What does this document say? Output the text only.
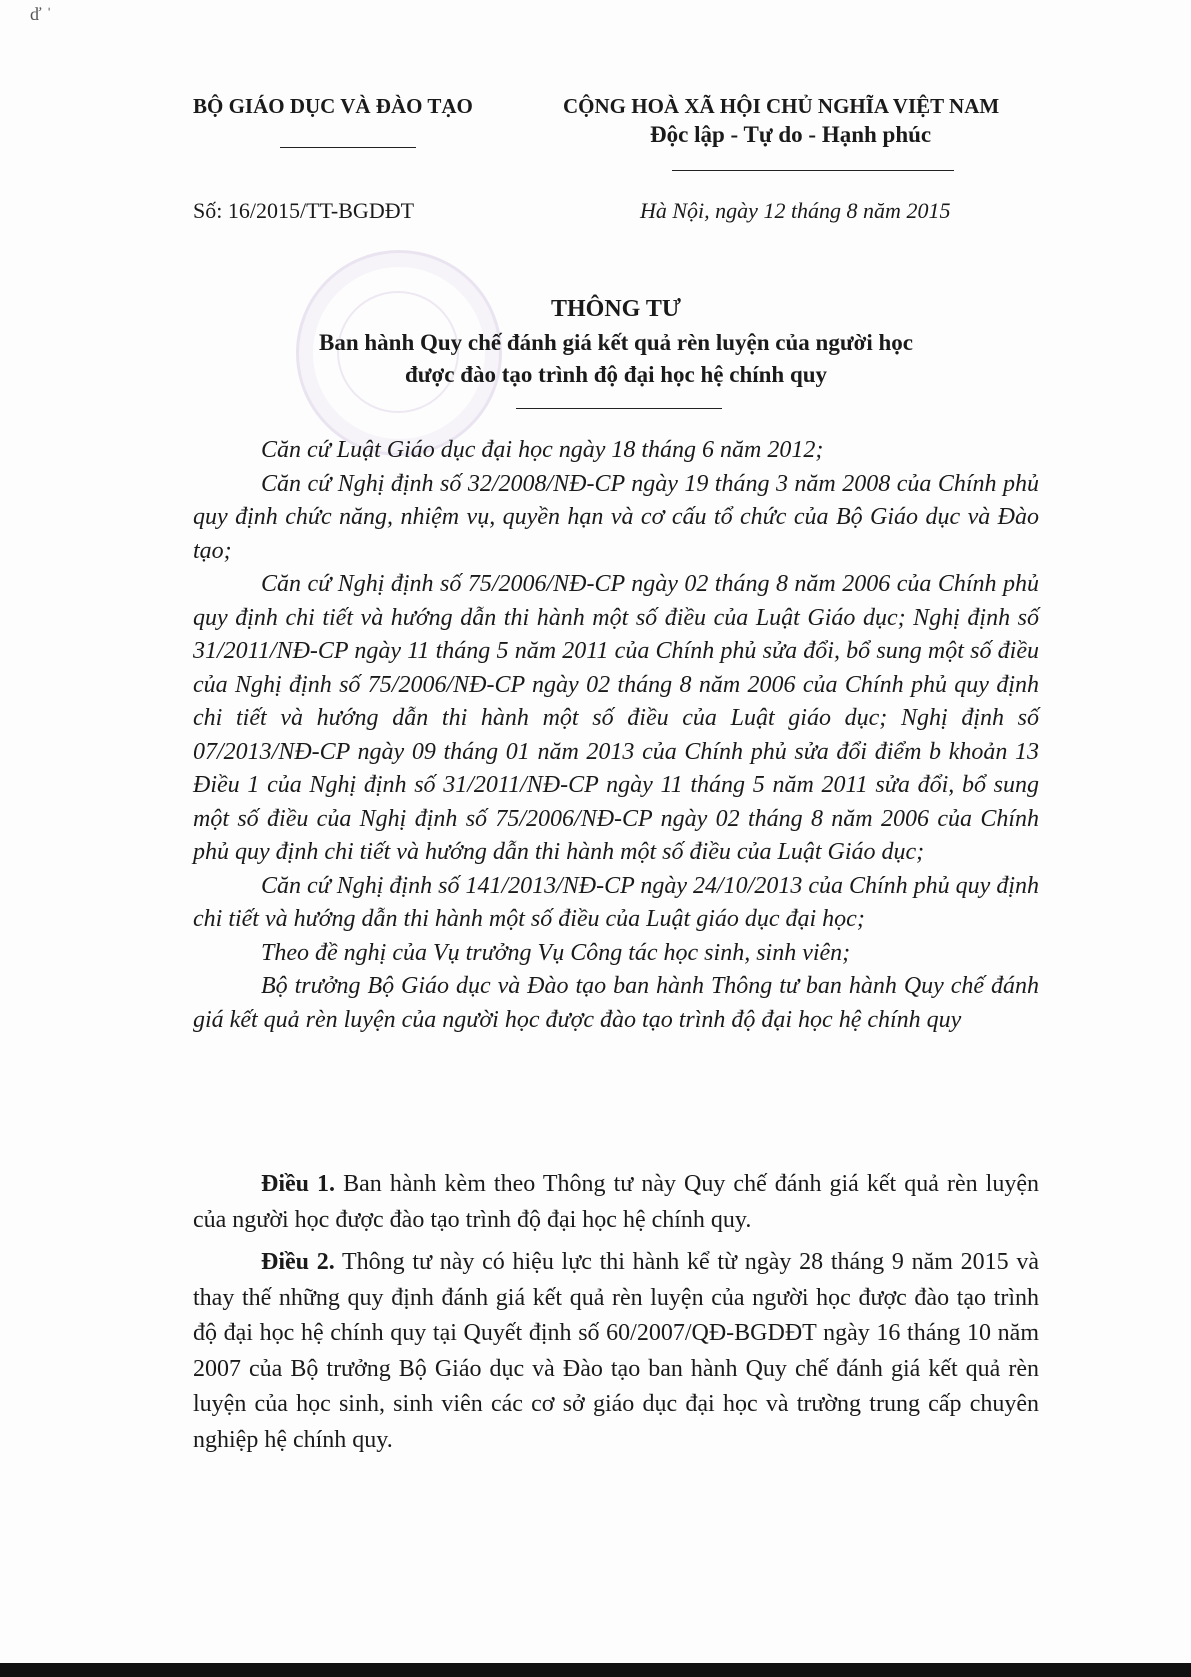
ď ˈ
BỘ GIÁO DỤC VÀ ĐÀO TẠO	CỘNG HOÀ XÃ HỘI CHỦ NGHĨA VIỆT NAM
Độc lập - Tự do - Hạnh phúc
Số: 16/2015/TT-BGDĐT	Hà Nội, ngày 12 tháng 8 năm 2015
THÔNG TƯ
Ban hành Quy chế đánh giá kết quả rèn luyện của người học
được đào tạo trình độ đại học hệ chính quy

Căn cứ Luật Giáo dục đại học ngày 18 tháng 6 năm 2012;

Căn cứ Nghị định số 32/2008/NĐ-CP ngày 19 tháng 3 năm 2008 của Chính phủ quy định chức năng, nhiệm vụ, quyền hạn và cơ cấu tổ chức của Bộ Giáo dục và Đào tạo;

Căn cứ Nghị định số 75/2006/NĐ-CP ngày 02 tháng 8 năm 2006 của Chính phủ quy định chi tiết và hướng dẫn thi hành một số điều của Luật Giáo dục; Nghị định số 31/2011/NĐ-CP ngày 11 tháng 5 năm 2011 của Chính phủ sửa đổi, bổ sung một số điều của Nghị định số 75/2006/NĐ-CP ngày 02 tháng 8 năm 2006 của Chính phủ quy định chi tiết và hướng dẫn thi hành một số điều của Luật giáo dục; Nghị định số 07/2013/NĐ-CP ngày 09 tháng 01 năm 2013 của Chính phủ sửa đổi điểm b khoản 13 Điều 1 của Nghị định số 31/2011/NĐ-CP ngày 11 tháng 5 năm 2011 sửa đổi, bổ sung một số điều của Nghị định số 75/2006/NĐ-CP ngày 02 tháng 8 năm 2006 của Chính phủ quy định chi tiết và hướng dẫn thi hành một số điều của Luật Giáo dục;

Căn cứ Nghị định số 141/2013/NĐ-CP ngày 24/10/2013 của Chính phủ quy định chi tiết và hướng dẫn thi hành một số điều của Luật giáo dục đại học;

Theo đề nghị của Vụ trưởng Vụ Công tác học sinh, sinh viên;

Bộ trưởng Bộ Giáo dục và Đào tạo ban hành Thông tư ban hành Quy chế đánh giá kết quả rèn luyện của người học được đào tạo trình độ đại học hệ chính quy

Điều 1. Ban hành kèm theo Thông tư này Quy chế đánh giá kết quả rèn luyện của người học được đào tạo trình độ đại học hệ chính quy.

Điều 2. Thông tư này có hiệu lực thi hành kể từ ngày 28 tháng 9 năm 2015 và thay thế những quy định đánh giá kết quả rèn luyện của người học được đào tạo trình độ đại học hệ chính quy tại Quyết định số 60/2007/QĐ-BGDĐT ngày 16 tháng 10 năm 2007 của Bộ trưởng Bộ Giáo dục và Đào tạo ban hành Quy chế đánh giá kết quả rèn luyện của học sinh, sinh viên các cơ sở giáo dục đại học và trường trung cấp chuyên nghiệp hệ chính quy.
